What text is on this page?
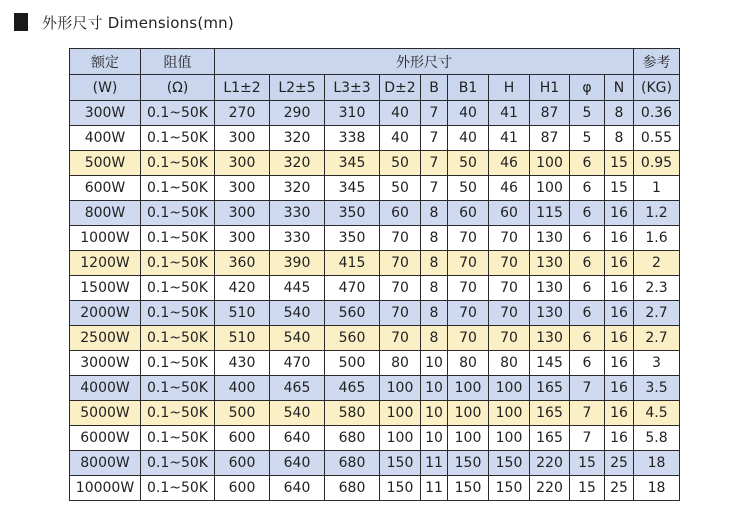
外形尺寸 Dimensions(mn)
额定	阻值	外形尺寸										参考
(W)	(Ω)	L1±2	L2±5	L3±3	D±2	B	B1	H	H1	φ	N	(KG)
300W	0.1~50K	270	290	310	40	7	40	41	87	5	8	0.36
400W	0.1~50K	300	320	338	40	7	40	41	87	5	8	0.55
500W	0.1~50K	300	320	345	50	7	50	46	100	6	15	0.95
600W	0.1~50K	300	320	345	50	7	50	46	100	6	15	1
800W	0.1~50K	300	330	350	60	8	60	60	115	6	16	1.2
1000W	0.1~50K	300	330	350	70	8	70	70	130	6	16	1.6
1200W	0.1~50K	360	390	415	70	8	70	70	130	6	16	2
1500W	0.1~50K	420	445	470	70	8	70	70	130	6	16	2.3
2000W	0.1~50K	510	540	560	70	8	70	70	130	6	16	2.7
2500W	0.1~50K	510	540	560	70	8	70	70	130	6	16	2.7
3000W	0.1~50K	430	470	500	80	10	80	80	145	6	16	3
4000W	0.1~50K	400	465	465	100	10	100	100	165	7	16	3.5
5000W	0.1~50K	500	540	580	100	10	100	100	165	7	16	4.5
6000W	0.1~50K	600	640	680	100	10	100	100	165	7	16	5.8
8000W	0.1~50K	600	640	680	150	11	150	150	220	15	25	18
10000W	0.1~50K	600	640	680	150	11	150	150	220	15	25	18
